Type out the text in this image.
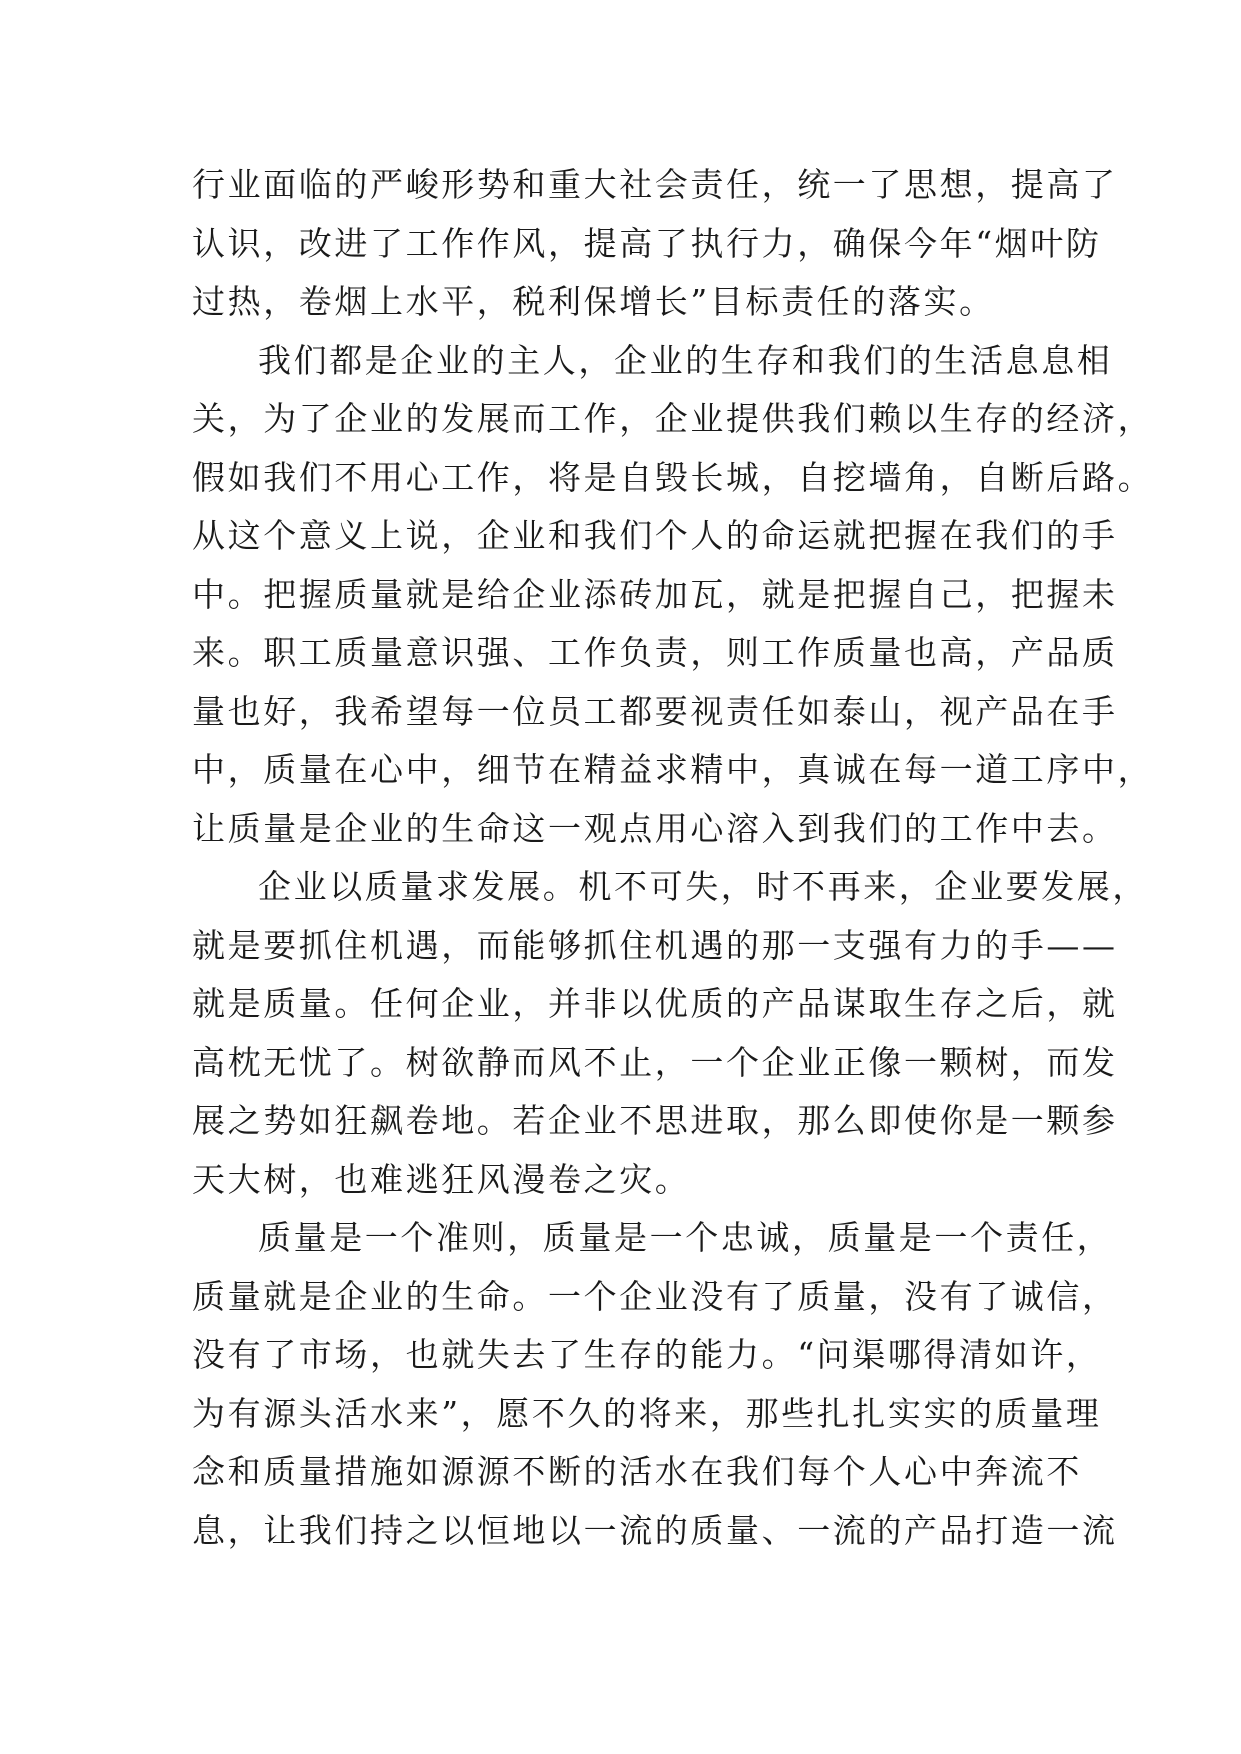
行业面临的严峻形势和重大社会责任，统一了思想，提高了
认识，改进了工作作风，提高了执行力，确保今年“烟叶防
过热，卷烟上水平，税利保增长”目标责任的落实。
我们都是企业的主人，企业的生存和我们的生活息息相
关，为了企业的发展而工作，企业提供我们赖以生存的经济，
假如我们不用心工作，将是自毁长城，自挖墙角，自断后路。
从这个意义上说，企业和我们个人的命运就把握在我们的手
中。把握质量就是给企业添砖加瓦，就是把握自己，把握未
来。职工质量意识强、工作负责，则工作质量也高，产品质
量也好，我希望每一位员工都要视责任如泰山，视产品在手
中，质量在心中，细节在精益求精中，真诚在每一道工序中，
让质量是企业的生命这一观点用心溶入到我们的工作中去。
企业以质量求发展。机不可失，时不再来，企业要发展，
就是要抓住机遇，而能够抓住机遇的那一支强有力的手——
就是质量。任何企业，并非以优质的产品谋取生存之后，就
高枕无忧了。树欲静而风不止，一个企业正像一颗树，而发
展之势如狂飙卷地。若企业不思进取，那么即使你是一颗参
天大树，也难逃狂风漫卷之灾。
质量是一个准则，质量是一个忠诚，质量是一个责任，
质量就是企业的生命。一个企业没有了质量，没有了诚信，
没有了市场，也就失去了生存的能力。“问渠哪得清如许，
为有源头活水来”，愿不久的将来，那些扎扎实实的质量理
念和质量措施如源源不断的活水在我们每个人心中奔流不
息，让我们持之以恒地以一流的质量、一流的产品打造一流
